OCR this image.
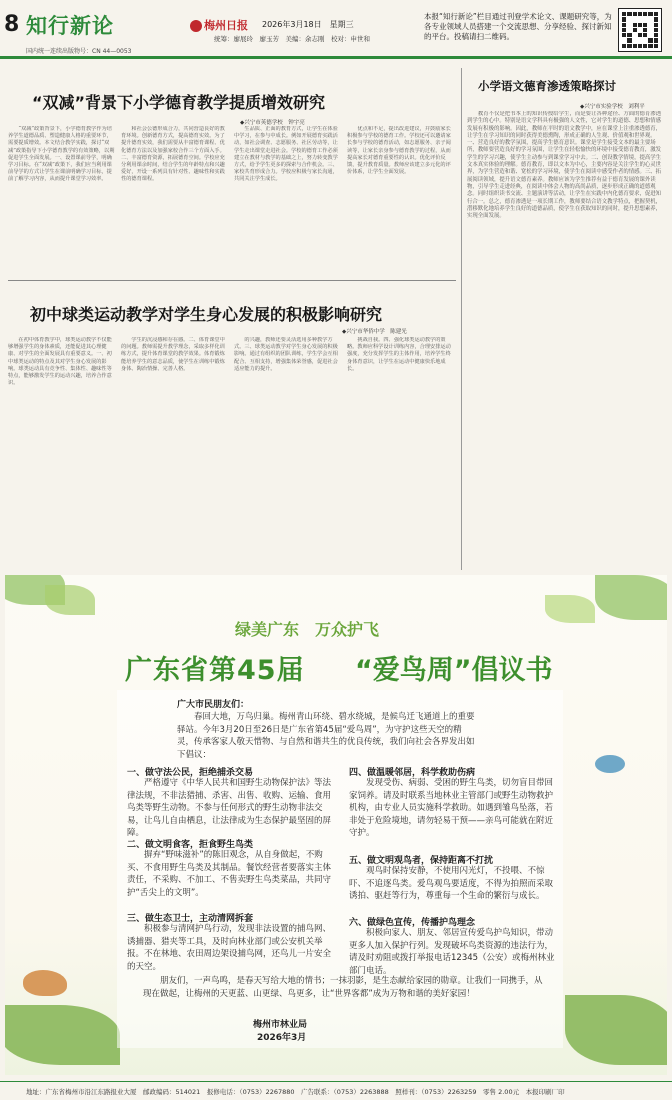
8 知行新论	梅州日报 2026年3月18日　星期三
统筹：廖展玲　廖玉芳　美编：余志刚　校对：申世和
国内统一连续出版物号：CN 44—0053
本报“知行新论”栏目通过刊登学术论文、课题研究等，为各专业领域人员搭建一个交流思想、分享经验、探讨新知的平台。投稿请扫二维码。
“双减”背景下小学德育教学提质增效研究
◆兴宁市英德学校　钟宇亮

“双减”政策背景下，小学德育教学作为培养学生道德品质、塑造健康人格的重要环节，需要提质增效。本文结合教学实践，探讨“双减”政策指导下小学德育教学的有效策略，以期促进学生全面发展。一、设置课前导学，明确学习目标。在“双减”政策下，我们应当利用课前导学的方式让学生在课前明确学习目标，提前了解学习内容，从而提升课堂学习效率。

和社会公德形成合力，共同营造良好的教育环境。创新德育方式，提高德育实效。为了提升德育实效，我们需要从丰富德育课程、优化德育方法以及加强家校合作三个方面入手。二、丰富德育资源，拓展德育空间。学校应充分利用课余时间，结合学生的年龄特点和兴趣爱好，开设一系列具有针对性、趣味性和实践性的德育课程。

生品质、正面的教育方式，让学生在体验中学习，在参与中成长。例如开展德育实践活动，如社会调查、志愿服务、社区劳动等，让学生走出课堂走进社会。学校的德育工作必须建立在教材与教学的基础之上，努力转变教学方式，给予学生更多的探索与合作机会。三、家校共育形成合力。学校应积极与家长沟通，共同关注学生成长。

优点和不足，提出改进建议，并鼓励家长积极参与学校的德育工作。学校还可以邀请家长参与学校的德育活动，如志愿服务、亲子阅读等，让家长亲身参与德育教学的过程，从而提高家长对德育重要性的认识。优化评价反馈，提升教育质量。教师应该建立多元化的评价体系，让学生全面发展。

小学语文德育渗透策略探讨
◆兴宁市实验学校　刘利平

教育不仅是把书本上的知识传授给学生，而是要让各种途径、方面的德育渗透到学生的心中。特别是语文学科具有极强的人文性，它对学生的道德、思想和情感发展有积极的影响。因此，教师在平时的语文教学中，应在课堂上注重渗透德育，让学生在学习知识的同时获得美德熏陶，形成正确的人生观、价值观和世界观。一、营造良好的教学氛围，提高学生德育意识。课堂是学生接受文本的最主要场所，教师要营造良好的学习氛围，让学生在轻松愉快的环境中接受德育教育，激发学生的学习兴趣，使学生主动参与到课堂学习中去。二、创设教学情境，提高学生文本真实体验的理解。德育教育，即以文本为中心，主要内容是关注学生的心灵世界，为学生营造和谐、宽松的学习环境，使学生在阅读中感受作者的情感。三、拓展阅读领域，提升语文德育素养。教师应该为学生推荐有益于德育发展的课外读物，引导学生走进经典，在阅读中体会人物的高尚品质，逐步形成正确的道德观念。同时组织读书交流、主题演讲等活动，让学生在实践中内化德育要求，促进知行合一。总之，德育渗透是一项长期工作，教师要结合语文教学特点，把握契机，潜移默化地培养学生良好的道德品质，使学生在获取知识的同时，提升思想素养，实现全面发展。

初中球类运动教学对学生身心发展的积极影响研究
◆兴宁市华侨中学　陈建光

在初中体育教学中，球类运动教学不仅能够增强学生的身体素质，还能促进其心理健康、对学生的全面发展具有重要意义。一、初中球类运动的特点及其对学生身心发展的影响。球类运动具有竞争性、集体性、趣味性等特点，能够激发学生的运动兴趣，培养合作意识。

学生的沉浸感和存在感。二、体育课堂中的问题。教师需提升教学理念，采取多样化训练方式，提升体育课堂的教学效果。体育锻炼能培养学生的意志品质，使学生在训练中锻炼身体、陶冶情操、完善人格。

的兴趣，教师还要灵活选用多种教学方式。三、球类运动教学对学生身心发展的积极影响。通过有组织的团队训练，学生学会互相配合、互相支持，增强集体荣誉感，促进社会适应能力的提升。

挑战自我。四、强化球类运动教学的策略。教师应科学设计训练内容，合理安排运动强度，充分发挥学生的主体作用，培养学生终身体育意识，让学生在运动中健康快乐地成长。

绿美广东　万众护飞
广东省第45届 “爱鸟周”倡议书
广大市民朋友们：
　　春回大地，万鸟归巢。梅州青山环绕、碧水绕城，是候鸟迁飞通道上的重要驿站。今年3月20日至26日是广东省第45届“爱鸟周”，为守护这些天空的精灵，传承客家人敬天惜物、与自然和谐共生的优良传统，我们向社会各界发出如下倡议：
一、做守法公民，拒绝捕杀交易
　　严格遵守《中华人民共和国野生动物保护法》等法律法规，不非法猎捕、杀害、出售、收购、运输、食用鸟类等野生动物。不参与任何形式的野生动物非法交易，让鸟儿自由栖息，让法律成为生态保护最坚固的屏障。
二、做文明食客，拒食野生鸟类
　　摒弃“野味滋补”的陈旧观念，从自身做起，不购买、不食用野生鸟类及其制品。餐饮经营者要落实主体责任，不采购、不加工、不售卖野生鸟类菜品，共同守护“舌尖上的文明”。
三、做生态卫士，主动清网拆套
　　积极参与清网护鸟行动，发现非法设置的捕鸟网、诱捕器、猎夹等工具，及时向林业部门或公安机关举报。不在林地、农田周边架设捕鸟网，还鸟儿一片安全的天空。
四、做温暖邻居，科学救助伤病
　　发现受伤、病弱、受困的野生鸟类，切勿盲目带回家饲养。请及时联系当地林业主管部门或野生动物救护机构，由专业人员实施科学救助。如遇到雏鸟坠落，若非处于危险境地，请勿轻易干预——亲鸟可能就在附近守护。
五、做文明观鸟者，保持距离不打扰
　　观鸟时保持安静，不使用闪光灯，不投喂、不惊吓、不追逐鸟类。爱鸟观鸟要适度，不得为拍照而采取诱拍、驱赶等行为，尊重每一个生命的繁衍与成长。
六、做绿色宣传，传播护鸟理念
　　积极向家人、朋友、邻居宣传爱鸟护鸟知识，带动更多人加入保护行列。发现破坏鸟类资源的违法行为，请及时劝阻或拨打举报电话12345（公安）或梅州林业部门电话。
　　朋友们，一声鸟鸣，是春天写给大地的情书；一抹羽影，是生态献给家园的勋章。让我们一同携手，从现在做起，让梅州的天更蓝、山更绿、鸟更多，让“世界客都”成为万物和谐的美好家园！
梅州市林业局
2026年3月
地址：广东省梅州市沿江东路报业大厦　邮政编码：514021　报修电话：（0753）2267880　广告联系：（0753）2263888　照样刊：（0753）2263259　零售 2.00元　本报印刷厂印
